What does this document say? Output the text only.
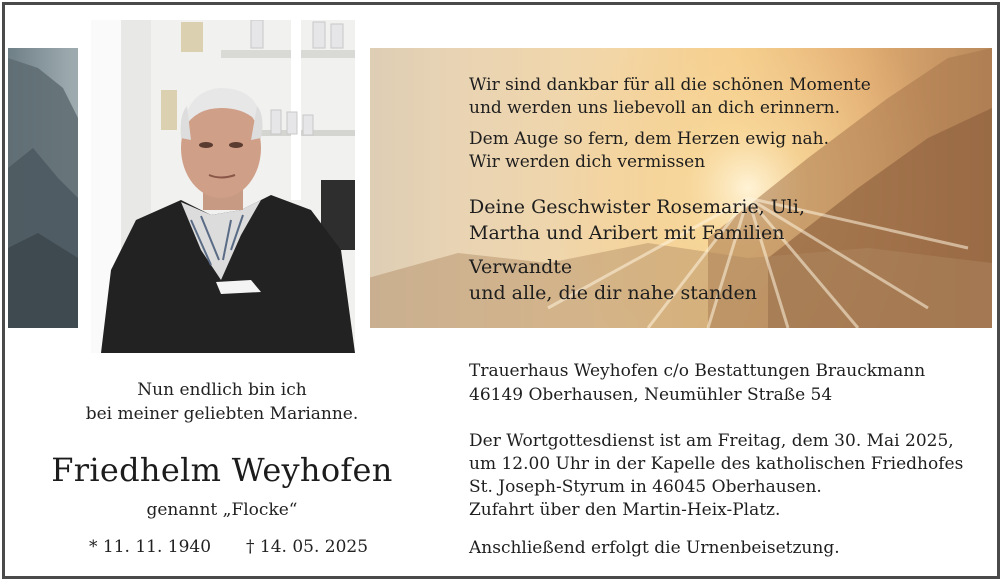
Wir sind dankbar für all die schönen Momente
und werden uns liebevoll an dich erinnern.
Dem Auge so fern, dem Herzen ewig nah.
Wir werden dich vermissen
Deine Geschwister Rosemarie, Uli,
Martha und Aribert mit Familien
Verwandte
und alle, die dir nahe standen
Nun endlich bin ich
bei meiner geliebten Marianne.
Friedhelm Weyhofen
genannt „Flocke“
* 11. 11. 1940 † 14. 05. 2025
Trauerhaus Weyhofen c/o Bestattungen Brauckmann
46149 Oberhausen, Neumühler Straße 54
Der Wortgottesdienst ist am Freitag, dem 30. Mai 2025,
um 12.00 Uhr in der Kapelle des katholischen Friedhofes
St. Joseph-Styrum in 46045 Oberhausen.
Zufahrt über den Martin-Heix-Platz.
Anschließend erfolgt die Urnenbeisetzung.
